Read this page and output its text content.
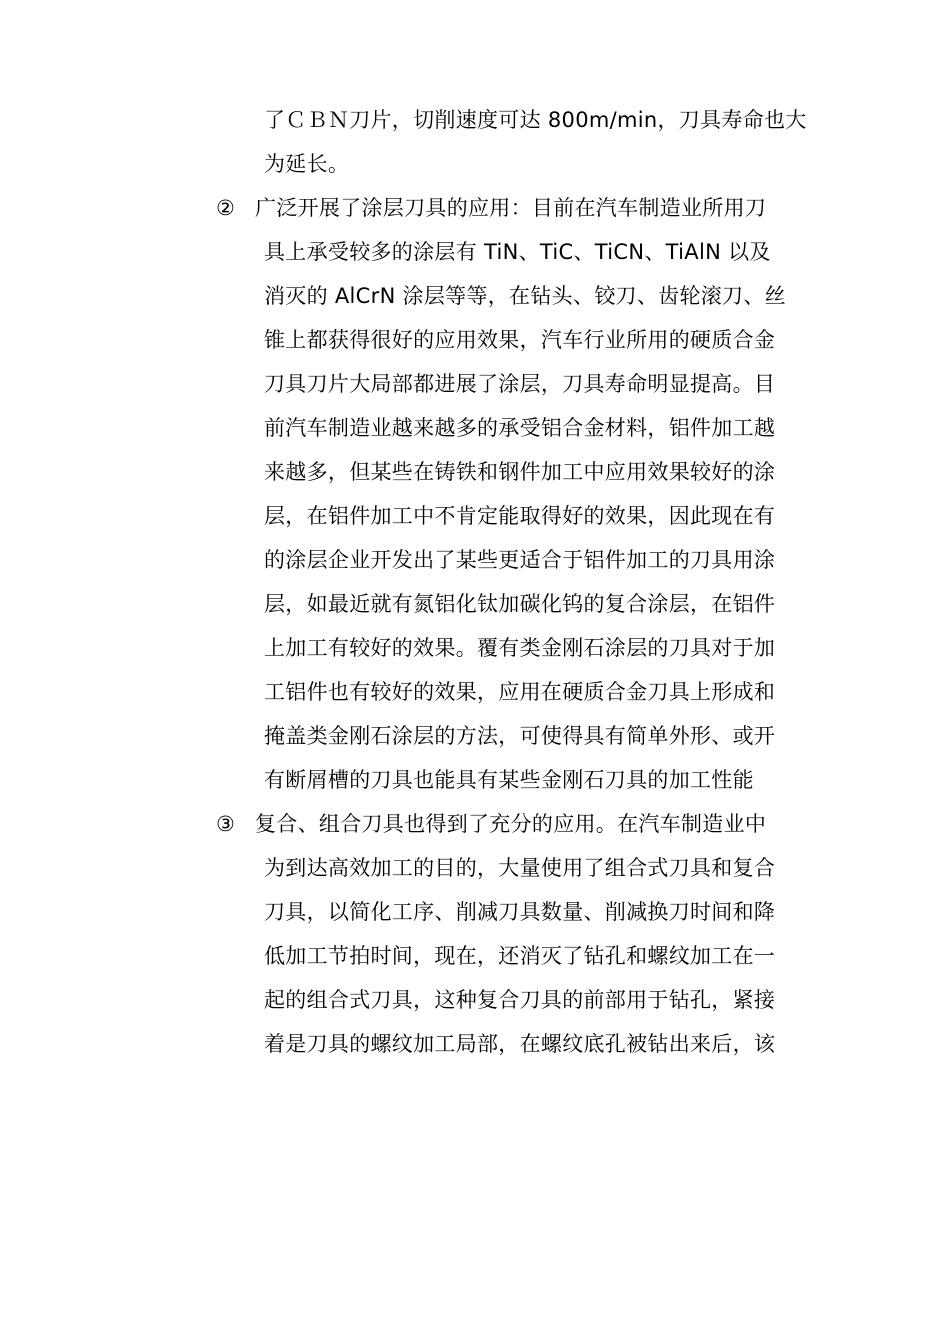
了ＣＢＮ刀片，切削速度可达 800m/min，刀具寿命也大
为延长。
② 广泛开展了涂层刀具的应用：目前在汽车制造业所用刀
具上承受较多的涂层有 TiN、TiC、TiCN、TiAlN 以及
消灭的 AlCrN 涂层等等，在钻头、铰刀、齿轮滚刀、丝
锥上都获得很好的应用效果，汽车行业所用的硬质合金
刀具刀片大局部都进展了涂层，刀具寿命明显提高。目
前汽车制造业越来越多的承受铝合金材料，铝件加工越
来越多，但某些在铸铁和钢件加工中应用效果较好的涂
层，在铝件加工中不肯定能取得好的效果，因此现在有
的涂层企业开发出了某些更适合于铝件加工的刀具用涂
层，如最近就有氮铝化钛加碳化钨的复合涂层，在铝件
上加工有较好的效果。覆有类金刚石涂层的刀具对于加
工铝件也有较好的效果，应用在硬质合金刀具上形成和
掩盖类金刚石涂层的方法，可使得具有简单外形、或开
有断屑槽的刀具也能具有某些金刚石刀具的加工性能
③ 复合、组合刀具也得到了充分的应用。在汽车制造业中
为到达高效加工的目的，大量使用了组合式刀具和复合
刀具，以简化工序、削减刀具数量、削减换刀时间和降
低加工节拍时间，现在，还消灭了钻孔和螺纹加工在一
起的组合式刀具，这种复合刀具的前部用于钻孔，紧接
着是刀具的螺纹加工局部，在螺纹底孔被钻出来后，该
